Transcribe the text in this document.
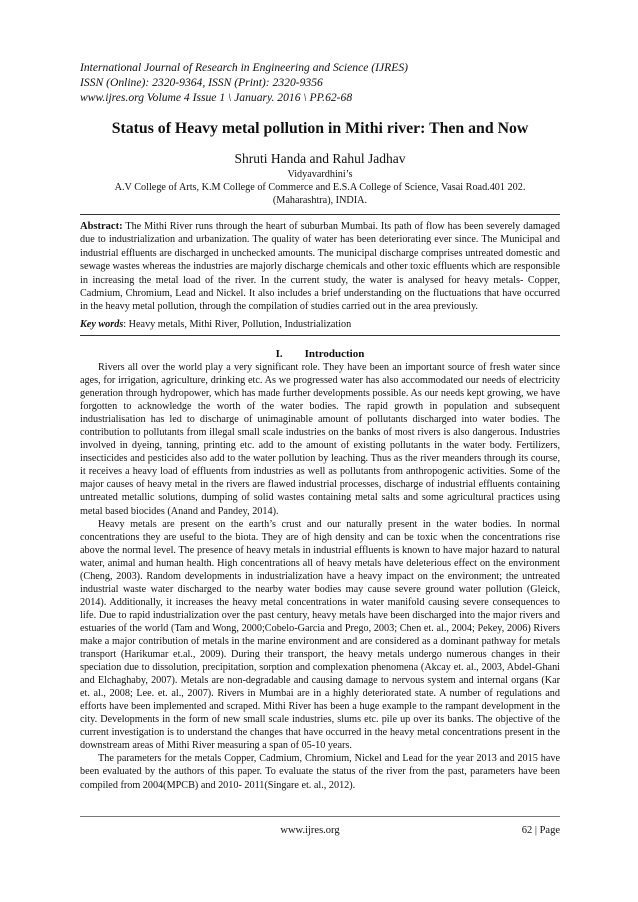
International Journal of Research in Engineering and Science (IJRES)
ISSN (Online): 2320-9364, ISSN (Print): 2320-9356
www.ijres.org Volume 4 Issue 1 \ January. 2016 \ PP.62-68
Status of Heavy metal pollution in Mithi river: Then and Now
Shruti Handa and Rahul Jadhav
Vidyavardhini’s
A.V College of Arts, K.M College of Commerce and E.S.A College of Science, Vasai Road.401 202.
(Maharashtra), INDIA.
Abstract: The Mithi River runs through the heart of suburban Mumbai. Its path of flow has been severely damaged due to industrialization and urbanization. The quality of water has been deteriorating ever since. The Municipal and industrial effluents are discharged in unchecked amounts. The municipal discharge comprises untreated domestic and sewage wastes whereas the industries are majorly discharge chemicals and other toxic effluents which are responsible in increasing the metal load of the river. In the current study, the water is analysed for heavy metals- Copper, Cadmium, Chromium, Lead and Nickel. It also includes a brief understanding on the fluctuations that have occurred in the heavy metal pollution, through the compilation of studies carried out in the area previously.
Key words: Heavy metals, Mithi River, Pollution, Industrialization
I. Introduction

Rivers all over the world play a very significant role. They have been an important source of fresh water since ages, for irrigation, agriculture, drinking etc. As we progressed water has also accommodated our needs of electricity generation through hydropower, which has made further developments possible. As our needs kept growing, we have forgotten to acknowledge the worth of the water bodies. The rapid growth in population and subsequent industrialisation has led to discharge of unimaginable amount of pollutants discharged into water bodies. The contribution to pollutants from illegal small scale industries on the banks of most rivers is also dangerous. Industries involved in dyeing, tanning, printing etc. add to the amount of existing pollutants in the water body. Fertilizers, insecticides and pesticides also add to the water pollution by leaching. Thus as the river meanders through its course, it receives a heavy load of effluents from industries as well as pollutants from anthropogenic activities. Some of the major causes of heavy metal in the rivers are flawed industrial processes, discharge of industrial effluents containing untreated metallic solutions, dumping of solid wastes containing metal salts and some agricultural practices using metal based biocides (Anand and Pandey, 2014).

Heavy metals are present on the earth’s crust and our naturally present in the water bodies. In normal concentrations they are useful to the biota. They are of high density and can be toxic when the concentrations rise above the normal level. The presence of heavy metals in industrial effluents is known to have major hazard to natural water, animal and human health. High concentrations all of heavy metals have deleterious effect on the environment (Cheng, 2003). Random developments in industrialization have a heavy impact on the environment; the untreated industrial waste water discharged to the nearby water bodies may cause severe ground water pollution (Gleick, 2014). Additionally, it increases the heavy metal concentrations in water manifold causing severe consequences to life. Due to rapid industrialization over the past century, heavy metals have been discharged into the major rivers and estuaries of the world (Tam and Wong, 2000;Cobelo-Garcia and Prego, 2003; Chen et. al., 2004; Pekey, 2006) Rivers make a major contribution of metals in the marine environment and are considered as a dominant pathway for metals transport (Harikumar et.al., 2009). During their transport, the heavy metals undergo numerous changes in their speciation due to dissolution, precipitation, sorption and complexation phenomena (Akcay et. al., 2003, Abdel-Ghani and Elchaghaby, 2007). Metals are non-degradable and causing damage to nervous system and internal organs (Kar et. al., 2008; Lee. et. al., 2007). Rivers in Mumbai are in a highly deteriorated state. A number of regulations and efforts have been implemented and scraped. Mithi River has been a huge example to the rampant development in the city. Developments in the form of new small scale industries, slums etc. pile up over its banks. The objective of the current investigation is to understand the changes that have occurred in the heavy metal concentrations present in the downstream areas of Mithi River measuring a span of 05-10 years.

The parameters for the metals Copper, Cadmium, Chromium, Nickel and Lead for the year 2013 and 2015 have been evaluated by the authors of this paper. To evaluate the status of the river from the past, parameters have been compiled from 2004(MPCB) and 2010- 2011(Singare et. al., 2012).

www.ijres.org	62 | Page
